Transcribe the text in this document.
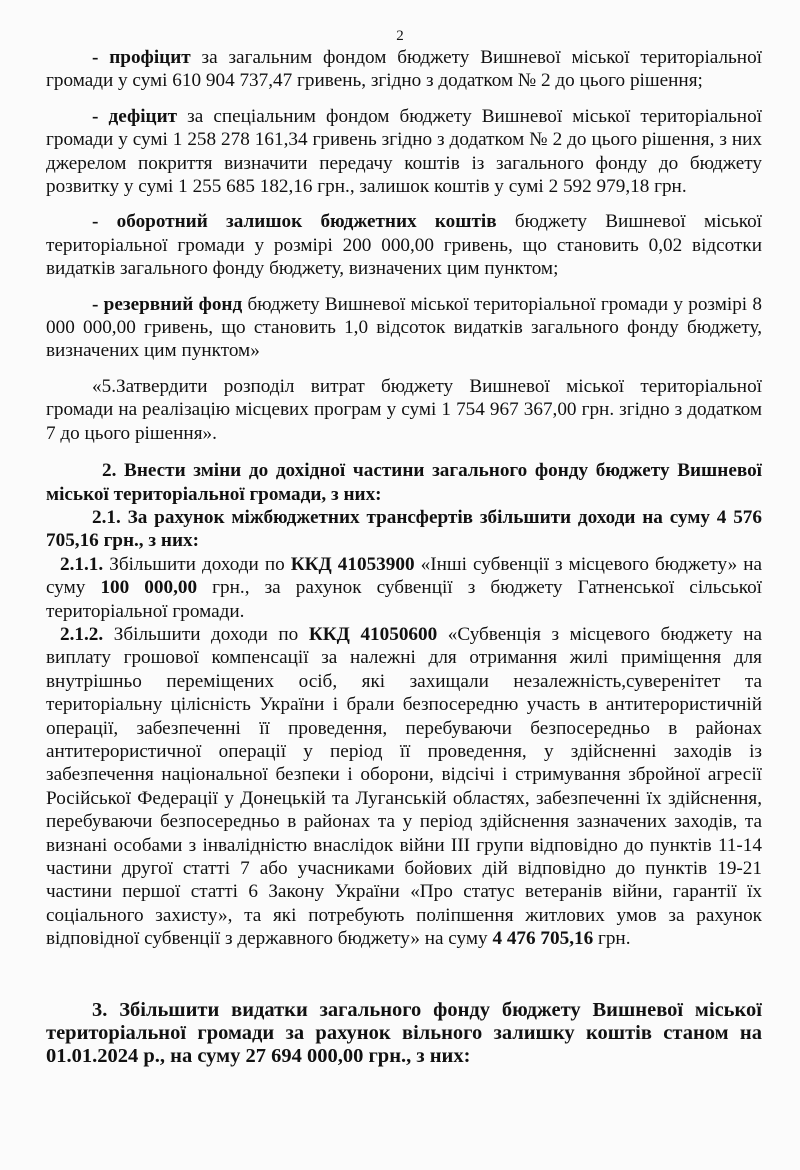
2

- профіцит за загальним фондом бюджету Вишневої міської територіальної громади у сумі 610 904 737,47 гривень, згідно з додатком № 2 до цього рішення;

- дефіцит за спеціальним фондом бюджету Вишневої міської територіальної громади у сумі 1 258 278 161,34 гривень згідно з додатком № 2 до цього рішення, з них джерелом покриття визначити передачу коштів із загального фонду до бюджету розвитку у сумі 1 255 685 182,16 грн., залишок коштів у сумі 2 592 979,18 грн.

- оборотний залишок бюджетних коштів бюджету Вишневої міської територіальної громади у розмірі 200 000,00 гривень, що становить 0,02 відсотки видатків загального фонду бюджету, визначених цим пунктом;

- резервний фонд бюджету Вишневої міської територіальної громади у розмірі 8 000 000,00 гривень, що становить 1,0 відсоток видатків загального фонду бюджету, визначених цим пунктом»

«5.Затвердити розподіл витрат бюджету Вишневої міської територіальної громади на реалізацію місцевих програм у сумі 1 754 967 367,00 грн. згідно з додатком 7 до цього рішення».

2. Внести зміни до дохідної частини загального фонду бюджету Вишневої міської територіальної громади, з них:

2.1. За рахунок міжбюджетних трансфертів збільшити доходи на суму 4 576 705,16 грн., з них:

2.1.1. Збільшити доходи по ККД 41053900 «Інші субвенції з місцевого бюджету» на суму 100 000,00 грн., за рахунок субвенції з бюджету Гатненської сільської територіальної громади.

2.1.2. Збільшити доходи по ККД 41050600 «Субвенція з місцевого бюджету на виплату грошової компенсації за належні для отримання жилі приміщення для внутрішньо переміщених осіб, які захищали незалежність,суверенітет та територіальну цілісність України і брали безпосередню участь в антитерористичній операції, забезпеченні її проведення, перебуваючи безпосередньо в районах антитерористичної операції у період її проведення, у здійсненні заходів із забезпечення національної безпеки і оборони, відсічі і стримування збройної агресії Російської Федерації у Донецькій та Луганській областях, забезпеченні їх здійснення, перебуваючи безпосередньо в районах та у період здійснення зазначених заходів, та визнані особами з інвалідністю внаслідок війни III групи відповідно до пунктів 11-14 частини другої статті 7 або учасниками бойових дій відповідно до пунктів 19-21 частини першої статті 6 Закону України «Про статус ветеранів війни, гарантії їх соціального захисту», та які потребують поліпшення житлових умов за рахунок відповідної субвенції з державного бюджету» на суму 4 476 705,16 грн.

3. Збільшити видатки загального фонду бюджету Вишневої міської територіальної громади за рахунок вільного залишку коштів станом на 01.01.2024 р., на суму 27 694 000,00 грн., з них:
